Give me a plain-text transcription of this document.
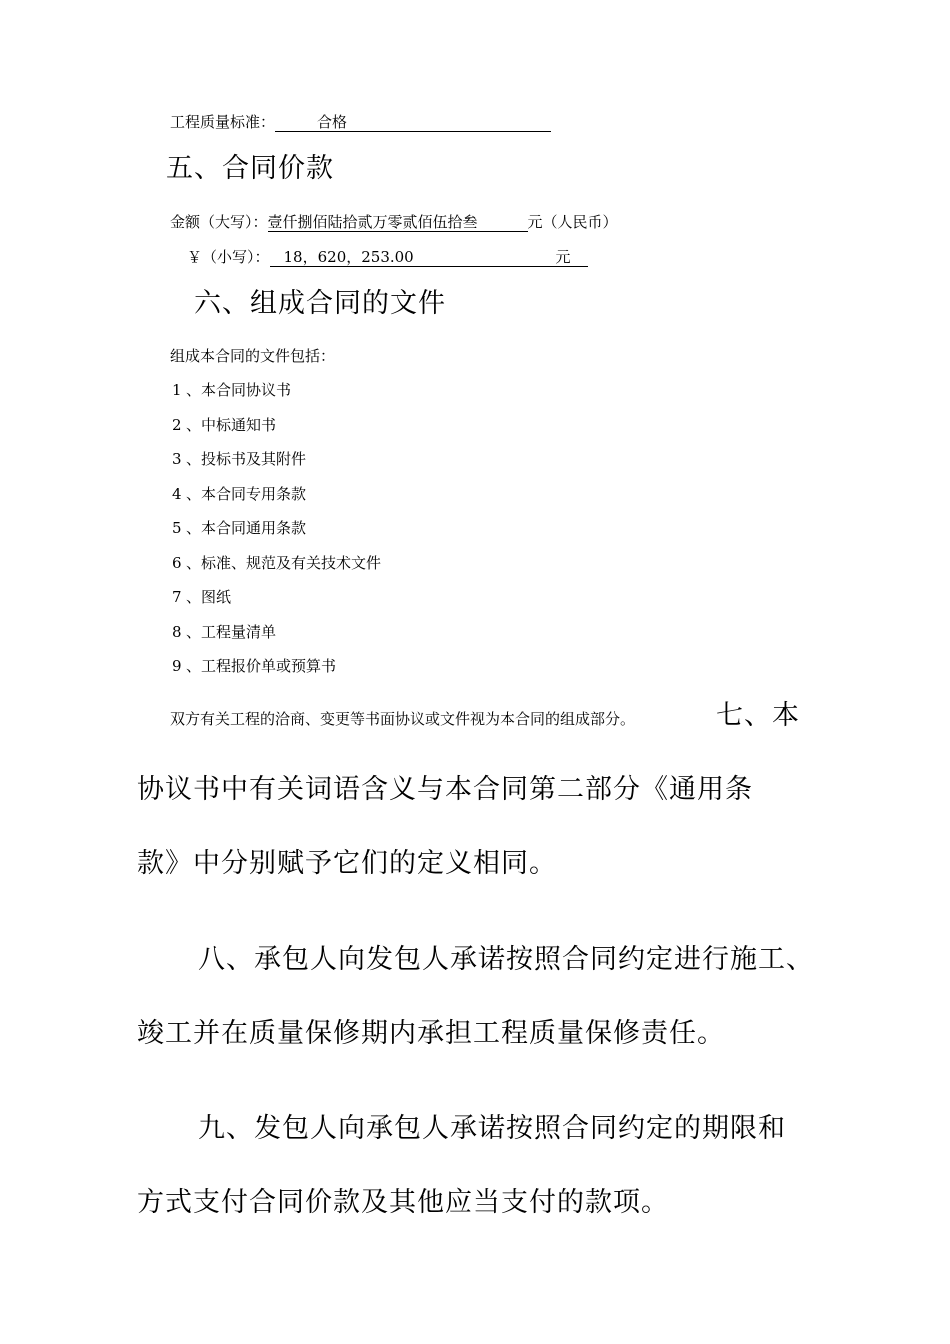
工程质量标准：	合格
五、合同价款
金额（大写）：壹仟捌佰陆拾贰万零贰佰伍拾叁	元（人民币）
￥（小写）： 18，620，253.00	元
六、组成合同的文件
组成本合同的文件包括：
1 、本合同协议书
2 、中标通知书
3 、投标书及其附件
4 、本合同专用条款
5 、本合同通用条款
6 、标准、规范及有关技术文件
7 、图纸
8 、工程量清单
9 、工程报价单或预算书
双方有关工程的洽商、变更等书面协议或文件视为本合同的组成部分。	七、本
协议书中有关词语含义与本合同第二部分《通用条
款》中分别赋予它们的定义相同。
八、承包人向发包人承诺按照合同约定进行施工、
竣工并在质量保修期内承担工程质量保修责任。
九、发包人向承包人承诺按照合同约定的期限和
方式支付合同价款及其他应当支付的款项。
